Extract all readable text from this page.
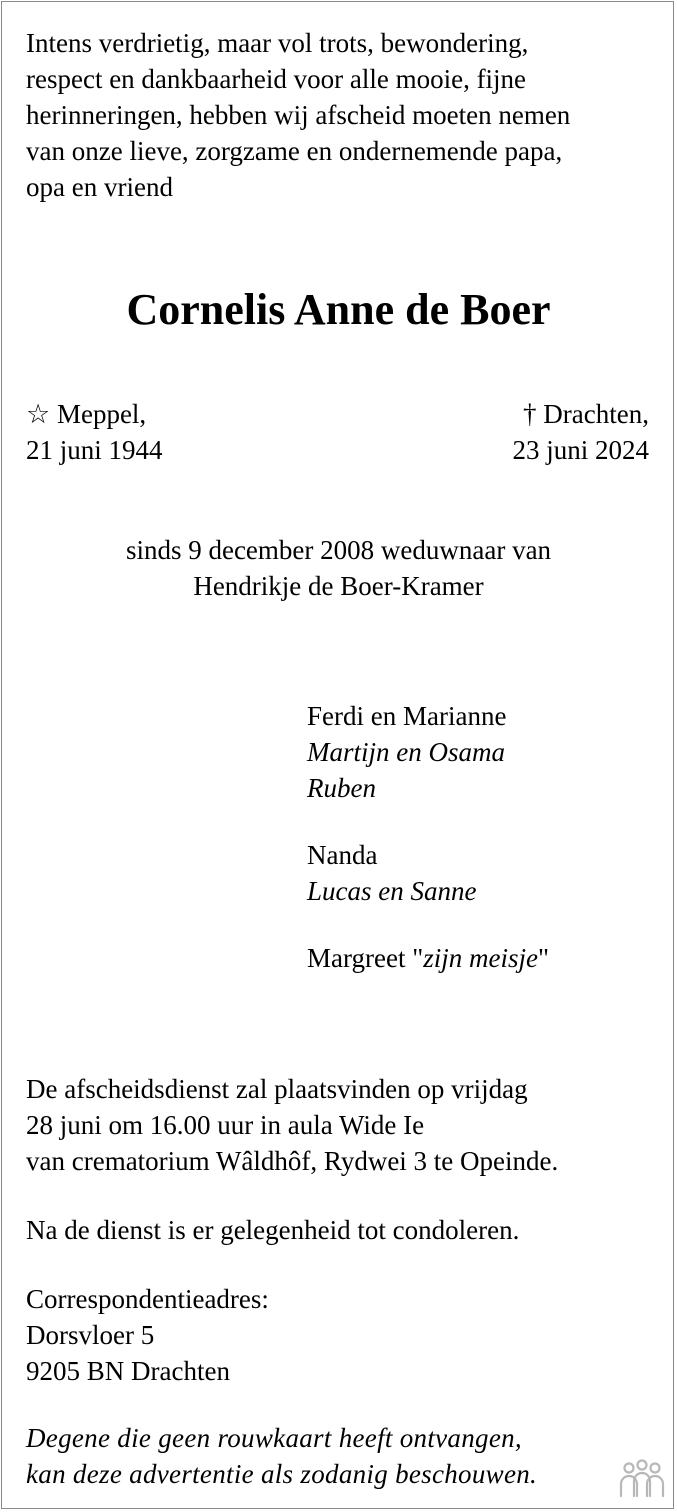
Intens verdrietig, maar vol trots, bewondering,
respect en dankbaarheid voor alle mooie, fijne
herinneringen, hebben wij afscheid moeten nemen
van onze lieve, zorgzame en ondernemende papa,
opa en vriend
Cornelis Anne de Boer
☆ Meppel,
21 juni 1944
† Drachten,
23 juni 2024
sinds 9 december 2008 weduwnaar van
Hendrikje de Boer-Kramer
Ferdi en Marianne
Martijn en Osama
Ruben
Nanda
Lucas en Sanne
Margreet "zijn meisje"
De afscheidsdienst zal plaatsvinden op vrijdag
28 juni om 16.00 uur in aula Wide Ie
van crematorium Wâldhôf, Rydwei 3 te Opeinde.
Na de dienst is er gelegenheid tot condoleren.
Correspondentieadres:
Dorsvloer 5
9205 BN Drachten
Degene die geen rouwkaart heeft ontvangen,
kan deze advertentie als zodanig beschouwen.
